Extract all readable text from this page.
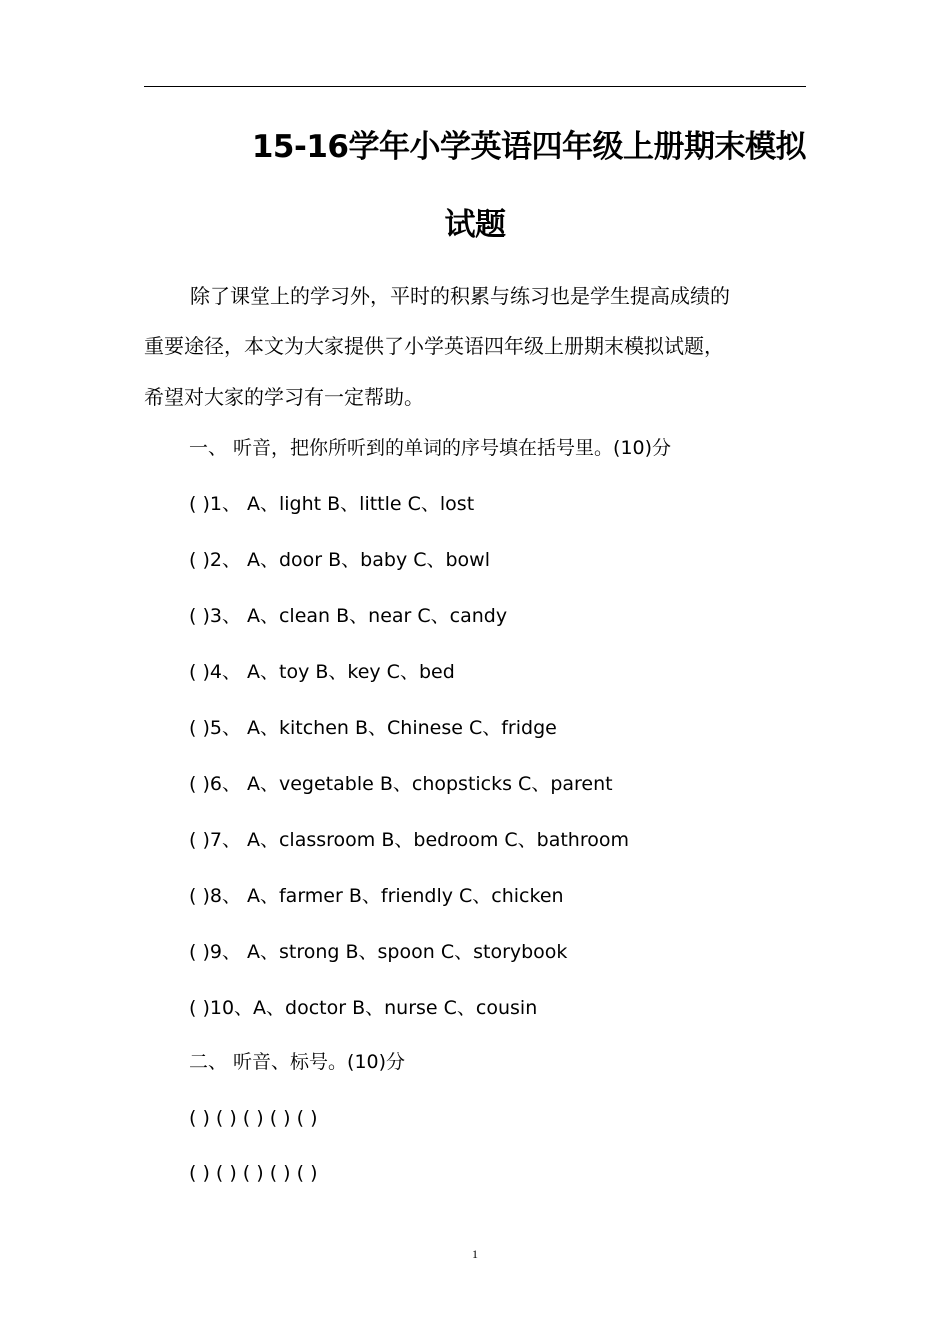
15-16学年小学英语四年级上册期末模拟
试题
除了课堂上的学习外，平时的积累与练习也是学生提高成绩的
重要途径，本文为大家提供了小学英语四年级上册期末模拟试题，
希望对大家的学习有一定帮助。
一、 听音，把你所听到的单词的序号填在括号里。(10)分
( )1、 A、light B、little C、lost
( )2、 A、door B、baby C、bowl
( )3、 A、clean B、near C、candy
( )4、 A、toy B、key C、bed
( )5、 A、kitchen B、Chinese C、fridge
( )6、 A、vegetable B、chopsticks C、parent
( )7、 A、classroom B、bedroom C、bathroom
( )8、 A、farmer B、friendly C、chicken
( )9、 A、strong B、spoon C、storybook
( )10、A、doctor B、nurse C、cousin
二、 听音、标号。(10)分
( ) ( ) ( ) ( ) ( )
( ) ( ) ( ) ( ) ( )
1
